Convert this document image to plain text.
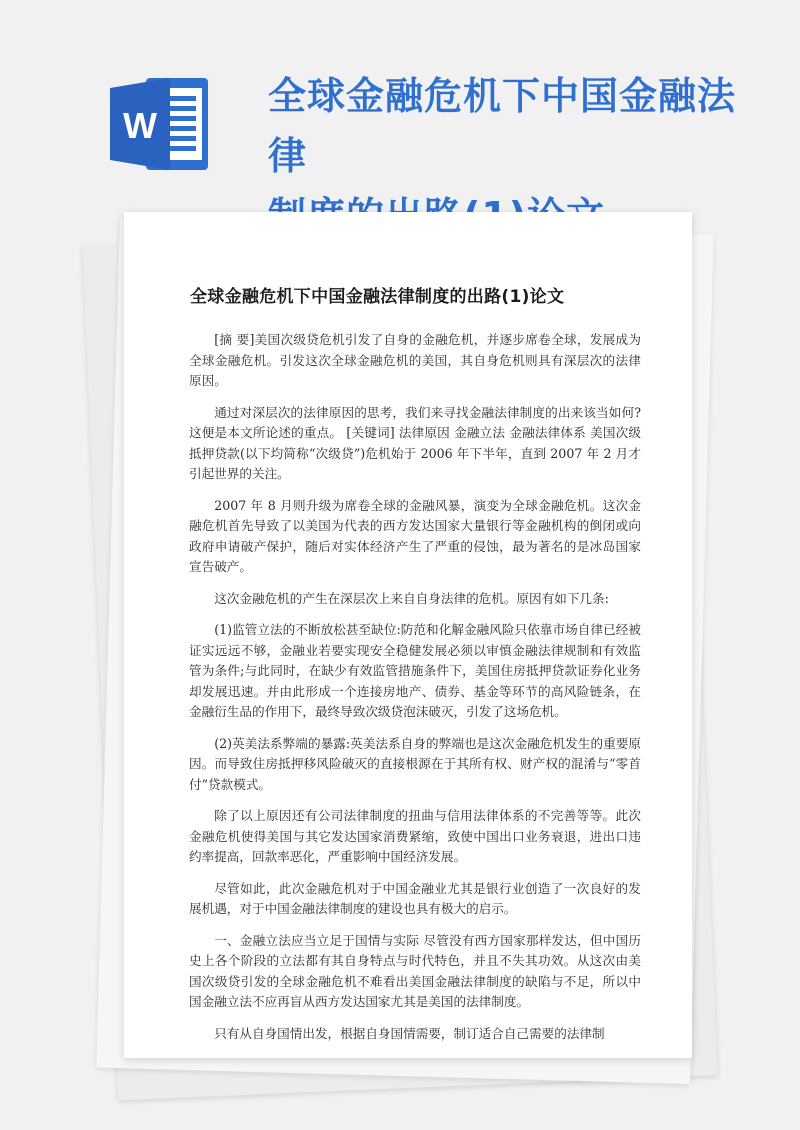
W
全球金融危机下中国金融法律
全球金融危机下中国金融法律制度的出路(1)论文

[摘 要]美国次级贷危机引发了自身的金融危机，并逐步席卷全球，发展成为全球金融危机。引发这次全球金融危机的美国，其自身危机则具有深层次的法律原因。

通过对深层次的法律原因的思考，我们来寻找金融法律制度的出来该当如何?这便是本文所论述的重点。 [关键词] 法律原因 金融立法 金融法律体系 美国次级抵押贷款(以下均简称“次级贷”)危机始于 2006 年下半年，直到 2007 年 2 月才引起世界的关注。

2007 年 8 月则升级为席卷全球的金融风暴，演变为全球金融危机。这次金融危机首先导致了以美国为代表的西方发达国家大量银行等金融机构的倒闭或向政府申请破产保护，随后对实体经济产生了严重的侵蚀，最为著名的是冰岛国家宣告破产。

这次金融危机的产生在深层次上来自自身法律的危机。原因有如下几条:

(1)监管立法的不断放松甚至缺位:防范和化解金融风险只依靠市场自律已经被证实远远不够，金融业若要实现安全稳健发展必须以审慎金融法律规制和有效监管为条件;与此同时，在缺少有效监管措施条件下，美国住房抵押贷款证券化业务却发展迅速。并由此形成一个连接房地产、债券、基金等环节的高风险链条，在金融衍生品的作用下，最终导致次级贷泡沫破灭，引发了这场危机。

(2)英美法系弊端的暴露:英美法系自身的弊端也是这次金融危机发生的重要原因。而导致住房抵押移风险破灭的直接根源在于其所有权、财产权的混淆与“零首付”贷款模式。

除了以上原因还有公司法律制度的扭曲与信用法律体系的不完善等等。此次金融危机使得美国与其它发达国家消费紧缩，致使中国出口业务衰退，进出口违约率提高，回款率恶化，严重影响中国经济发展。

尽管如此，此次金融危机对于中国金融业尤其是银行业创造了一次良好的发展机遇，对于中国金融法律制度的建设也具有极大的启示。

一、金融立法应当立足于国情与实际 尽管没有西方国家那样发达，但中国历史上各个阶段的立法都有其自身特点与时代特色，并且不失其功效。从这次由美国次级贷引发的全球金融危机不难看出美国金融法律制度的缺陷与不足，所以中国金融立法不应再盲从西方发达国家尤其是美国的法律制度。

只有从自身国情出发，根据自身国情需要，制订适合自己需要的法律制
